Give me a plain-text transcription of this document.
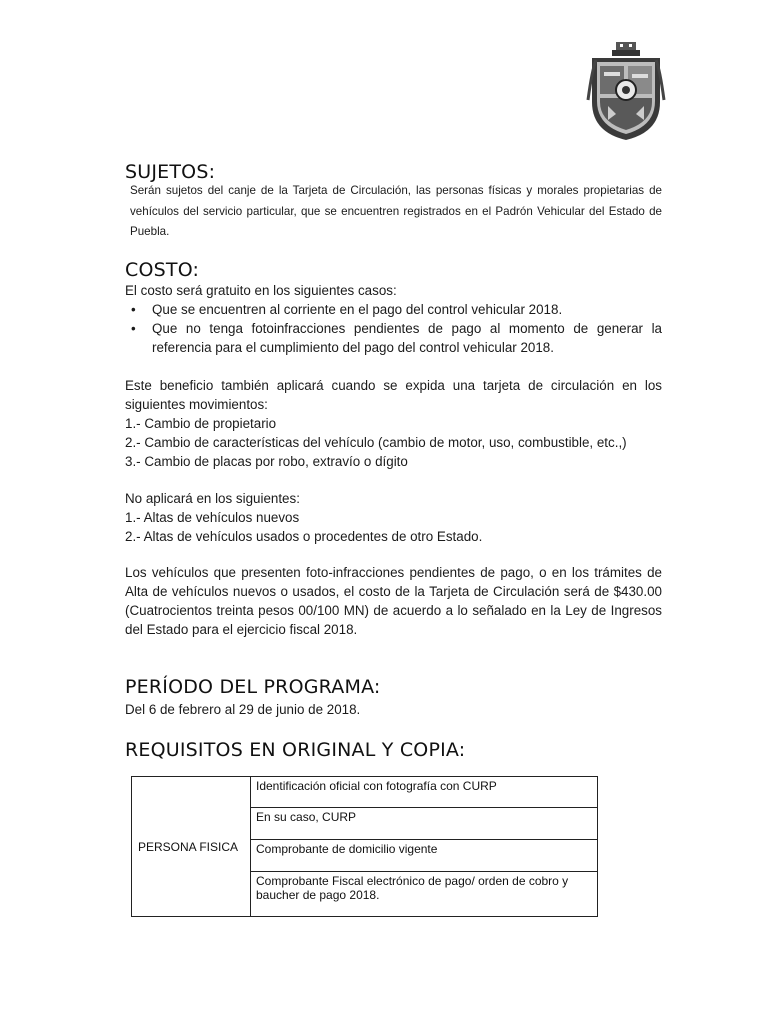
SUJETOS:
Serán sujetos del canje de la Tarjeta de Circulación, las personas físicas y morales propietarias de vehículos del servicio particular, que se encuentren registrados en el Padrón Vehicular del Estado de Puebla.
COSTO:
El costo será gratuito en los siguientes casos:
• Que se encuentren al corriente en el pago del control vehicular 2018.
• Que no tenga fotoinfracciones pendientes de pago al momento de generar la referencia para el cumplimiento del pago del control vehicular 2018.
Este beneficio también aplicará cuando se expida una tarjeta de circulación en los siguientes movimientos:
1.- Cambio de propietario
2.- Cambio de características del vehículo (cambio de motor, uso, combustible, etc.,)
3.- Cambio de placas por robo, extravío o dígito
No aplicará en los siguientes:
1.- Altas de vehículos nuevos
2.- Altas de vehículos usados o procedentes de otro Estado.
Los vehículos que presenten foto-infracciones pendientes de pago, o en los trámites de Alta de vehículos nuevos o usados, el costo de la Tarjeta de Circulación será de $430.00 (Cuatrocientos treinta pesos 00/100 MN) de acuerdo a lo señalado en la Ley de Ingresos del Estado para el ejercicio fiscal 2018.
PERÍODO DEL PROGRAMA:
Del 6 de febrero al 29 de junio de 2018.
REQUISITOS EN ORIGINAL Y COPIA:
PERSONA FISICA	Identificación oficial con fotografía con CURP
En su caso, CURP
Comprobante de domicilio vigente
Comprobante Fiscal electrónico de pago/ orden de cobro y baucher de pago 2018.
